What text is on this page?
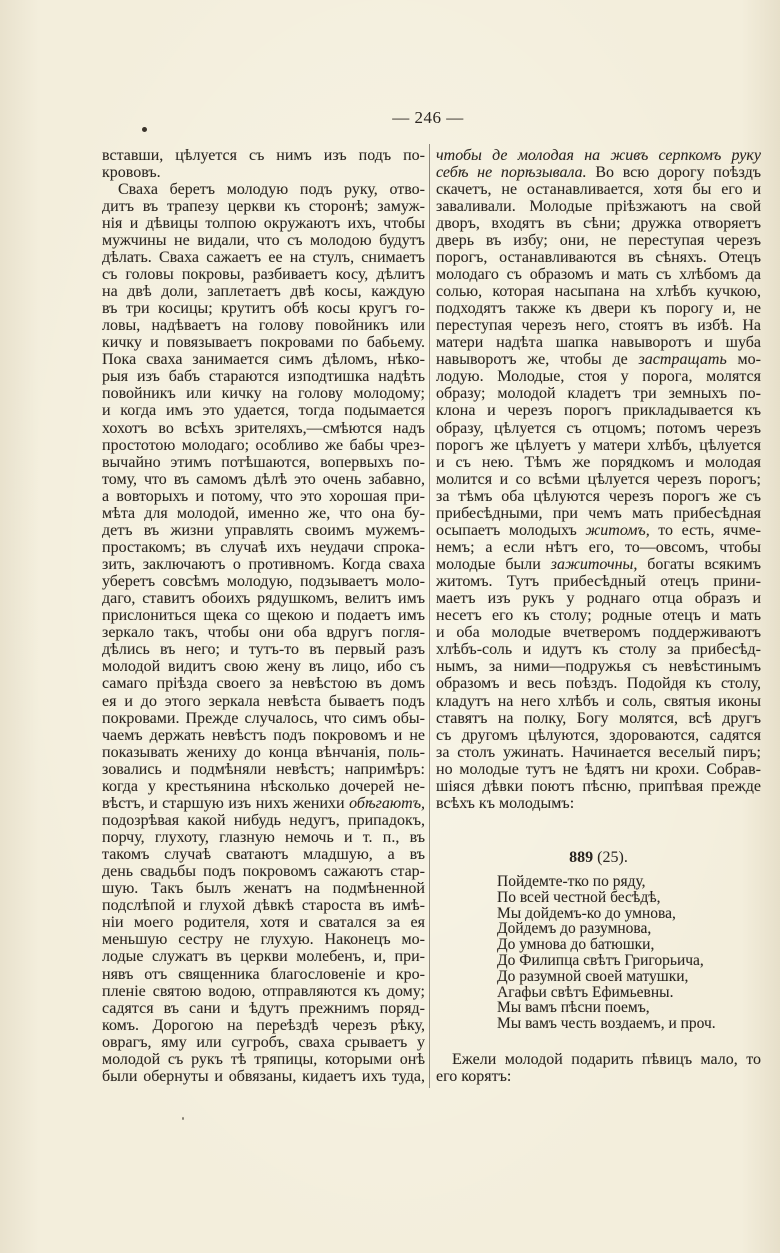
— 246 —
вставши, цѣлуется съ нимъ изъ подъ по-
крововъ.
Сваха беретъ молодую подъ руку, отво-
дитъ въ трапезу церкви къ сторонѣ; замуж-
нія и дѣвицы толпою окружаютъ ихъ, чтобы
мужчины не видали, что съ молодою будутъ
дѣлать. Сваха сажаетъ ее на стулъ, снимаетъ
съ головы покровы, разбиваетъ косу, дѣлитъ
на двѣ доли, заплетаетъ двѣ косы, каждую
въ три косицы; крутитъ обѣ косы кругъ го-
ловы, надѣваетъ на голову повойникъ или
кичку и повязываетъ покровами по бабьему.
Пока сваха занимается симъ дѣломъ, нѣко-
рыя изъ бабъ стараются изподтишка надѣть
повойникъ или кичку на голову молодому;
и когда имъ это удается, тогда подымается
хохотъ во всѣхъ зрителяхъ,—смѣются надъ
простотою молодаго; особливо же бабы чрез-
вычайно этимъ потѣшаются, вопервыхъ по-
тому, что въ самомъ дѣлѣ это очень забавно,
а вовторыхъ и потому, что это хорошая при-
мѣта для молодой, именно же, что она бу-
детъ въ жизни управлять своимъ мужемъ-
простакомъ; въ случаѣ ихъ неудачи спрока-
зить, заключаютъ о противномъ. Когда сваха
уберетъ совсѣмъ молодую, подзываетъ моло-
даго, ставитъ обоихъ рядушкомъ, велитъ имъ
прислониться щека со щекою и подаетъ имъ
зеркало такъ, чтобы они оба вдругъ погля-
дѣлись въ него; и тутъ-то въ первый разъ
молодой видитъ свою жену въ лицо, ибо съ
самаго пріѣзда своего за невѣстою въ домъ
ея и до этого зеркала невѣста бываетъ подъ
покровами. Прежде случалось, что симъ обы-
чаемъ держать невѣстъ подъ покровомъ и не
показывать жениху до конца вѣнчанія, поль-
зовались и подмѣняли невѣстъ; напримѣръ:
когда у крестьянина нѣсколько дочерей не-
вѣстъ, и старшую изъ нихъ женихи обѣгаютъ,
подозрѣвая какой нибудь недугъ, припадокъ,
порчу, глухоту, глазную немочь и т. п., въ
такомъ случаѣ сватаютъ младшую, а въ
день свадьбы подъ покровомъ сажаютъ стар-
шую. Такъ былъ женатъ на подмѣненной
подслѣпой и глухой дѣвкѣ староста въ имѣ-
ніи моего родителя, хотя и сватался за ея
меньшую сестру не глухую. Наконецъ мо-
лодые служатъ въ церкви молебенъ, и, при-
нявъ отъ священника благословеніе и кро-
пленіе святою водою, отправляются къ дому;
садятся въ сани и ѣдутъ прежнимъ поряд-
комъ. Дорогою на переѣздѣ черезъ рѣку,
оврагъ, яму или сугробъ, сваха срываетъ у
молодой съ рукъ тѣ тряпицы, которыми онѣ
были обернуты и обвязаны, кидаетъ ихъ туда,
чтобы де молодая на живъ серпкомъ руку
себѣ не порѣзывала. Во всю дорогу поѣздъ
скачетъ, не останавливается, хотя бы его и
заваливали. Молодые пріѣзжаютъ на свой
дворъ, входятъ въ сѣни; дружка отворяетъ
дверь въ избу; они, не переступая черезъ
порогъ, останавливаются въ сѣняхъ. Отецъ
молодаго съ образомъ и мать съ хлѣбомъ да
солью, которая насыпана на хлѣбъ кучкою,
подходятъ также къ двери къ порогу и, не
переступая черезъ него, стоятъ въ избѣ. На
матери надѣта шапка навыворотъ и шуба
навыворотъ же, чтобы де застращать мо-
лодую. Молодые, стоя у порога, молятся
образу; молодой кладетъ три земныхъ по-
клона и черезъ порогъ прикладывается къ
образу, цѣлуется съ отцомъ; потомъ черезъ
порогъ же цѣлуетъ у матери хлѣбъ, цѣлуется
и съ нею. Тѣмъ же порядкомъ и молодая
молится и со всѣми цѣлуется черезъ порогъ;
за тѣмъ оба цѣлуются черезъ порогъ же съ
прибесѣдными, при чемъ мать прибесѣдная
осыпаетъ молодыхъ житомъ, то есть, ячме-
немъ; а если нѣтъ его, то—овсомъ, чтобы
молодые были зажиточны, богаты всякимъ
житомъ. Тутъ прибесѣдный отецъ прини-
маетъ изъ рукъ у роднаго отца образъ и
несетъ его къ столу; родные отецъ и мать
и оба молодые вчетверомъ поддерживаютъ
хлѣбъ-соль и идутъ къ столу за прибесѣд-
нымъ, за ними—подружья съ невѣстинымъ
образомъ и весь поѣздъ. Подойдя къ столу,
кладутъ на него хлѣбъ и соль, святыя иконы
ставятъ на полку, Богу молятся, всѣ другъ
съ другомъ цѣлуются, здороваются, садятся
за столъ ужинать. Начинается веселый пиръ;
но молодые тутъ не ѣдятъ ни крохи. Собрав-
шіяся дѣвки поютъ пѣсню, припѣвая прежде
всѣхъ къ молодымъ:
889 (25).
Пойдемте-тко по ряду,
По всей честной бесѣдѣ,
Мы дойдемъ-ко до умнова,
Дойдемъ до разумнова,
До умнова до батюшки,
До Филипца свѣтъ Григорьича,
До разумной своей матушки,
Агафьи свѣтъ Ефимьевны.
Мы вамъ пѣсни поемъ,
Мы вамъ честь воздаемъ, и проч.
Ежели молодой подарить пѣвицъ мало, то
его корятъ:
